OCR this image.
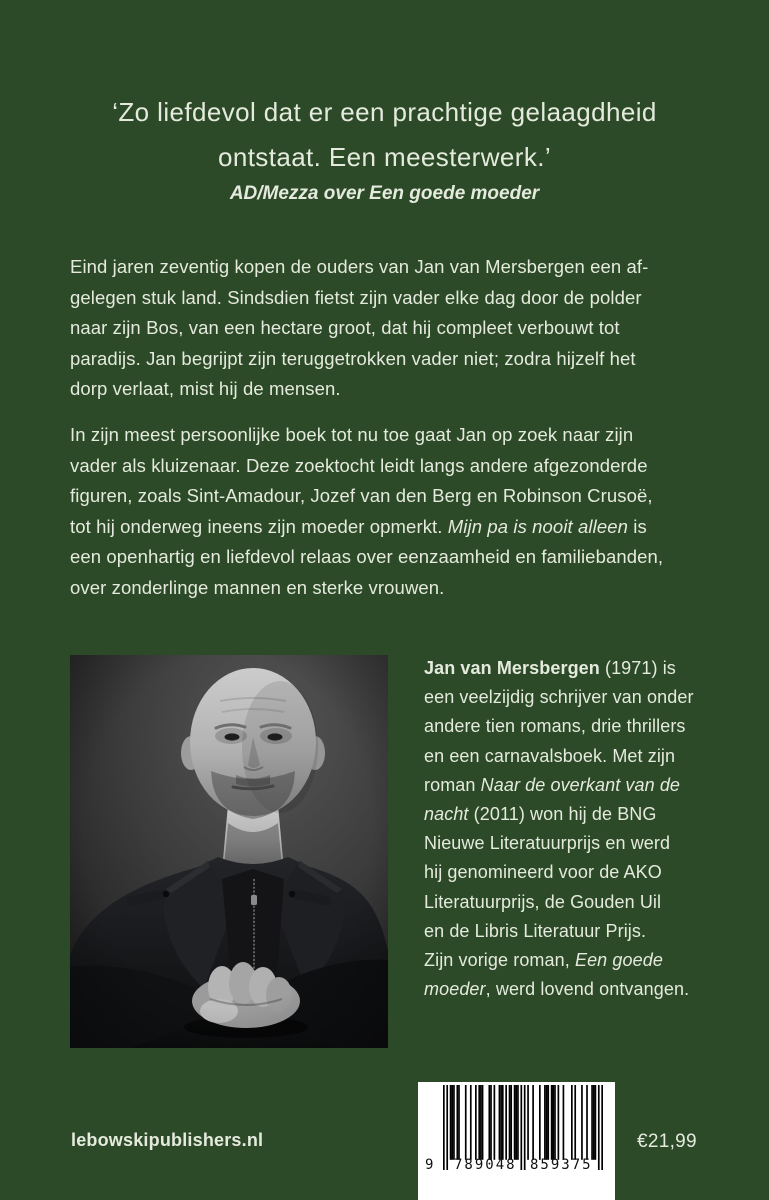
‘Zo liefdevol dat er een prachtige gelaagdheid
ontstaat. Een meesterwerk.’
AD/Mezza over Een goede moeder
Eind jaren zeventig kopen de ouders van Jan van Mersbergen een af-
gelegen stuk land. Sindsdien fietst zijn vader elke dag door de polder
naar zijn Bos, van een hectare groot, dat hij compleet verbouwt tot
paradijs. Jan begrijpt zijn teruggetrokken vader niet; zodra hijzelf het
dorp verlaat, mist hij de mensen.
In zijn meest persoonlijke boek tot nu toe gaat Jan op zoek naar zijn
vader als kluizenaar. Deze zoektocht leidt langs andere afgezonderde
figuren, zoals Sint-Amadour, Jozef van den Berg en Robinson Crusoë,
tot hij onderweg ineens zijn moeder opmerkt. Mijn pa is nooit alleen is
een openhartig en liefdevol relaas over eenzaamheid en familiebanden,
over zonderlinge mannen en sterke vrouwen.
Jan van Mersbergen (1971) is
een veelzijdig schrijver van onder
andere tien romans, drie thrillers
en een carnavalsboek. Met zijn
roman Naar de overkant van de
nacht (2011) won hij de BNG
Nieuwe Literatuurprijs en werd
hij genomineerd voor de AKO
Literatuurprijs, de Gouden Uil
en de Libris Literatuur Prijs.
Zijn vorige roman, Een goede
moeder, werd lovend ontvangen.
lebowskipublishers.nl
9 789048 859375
€21,99
